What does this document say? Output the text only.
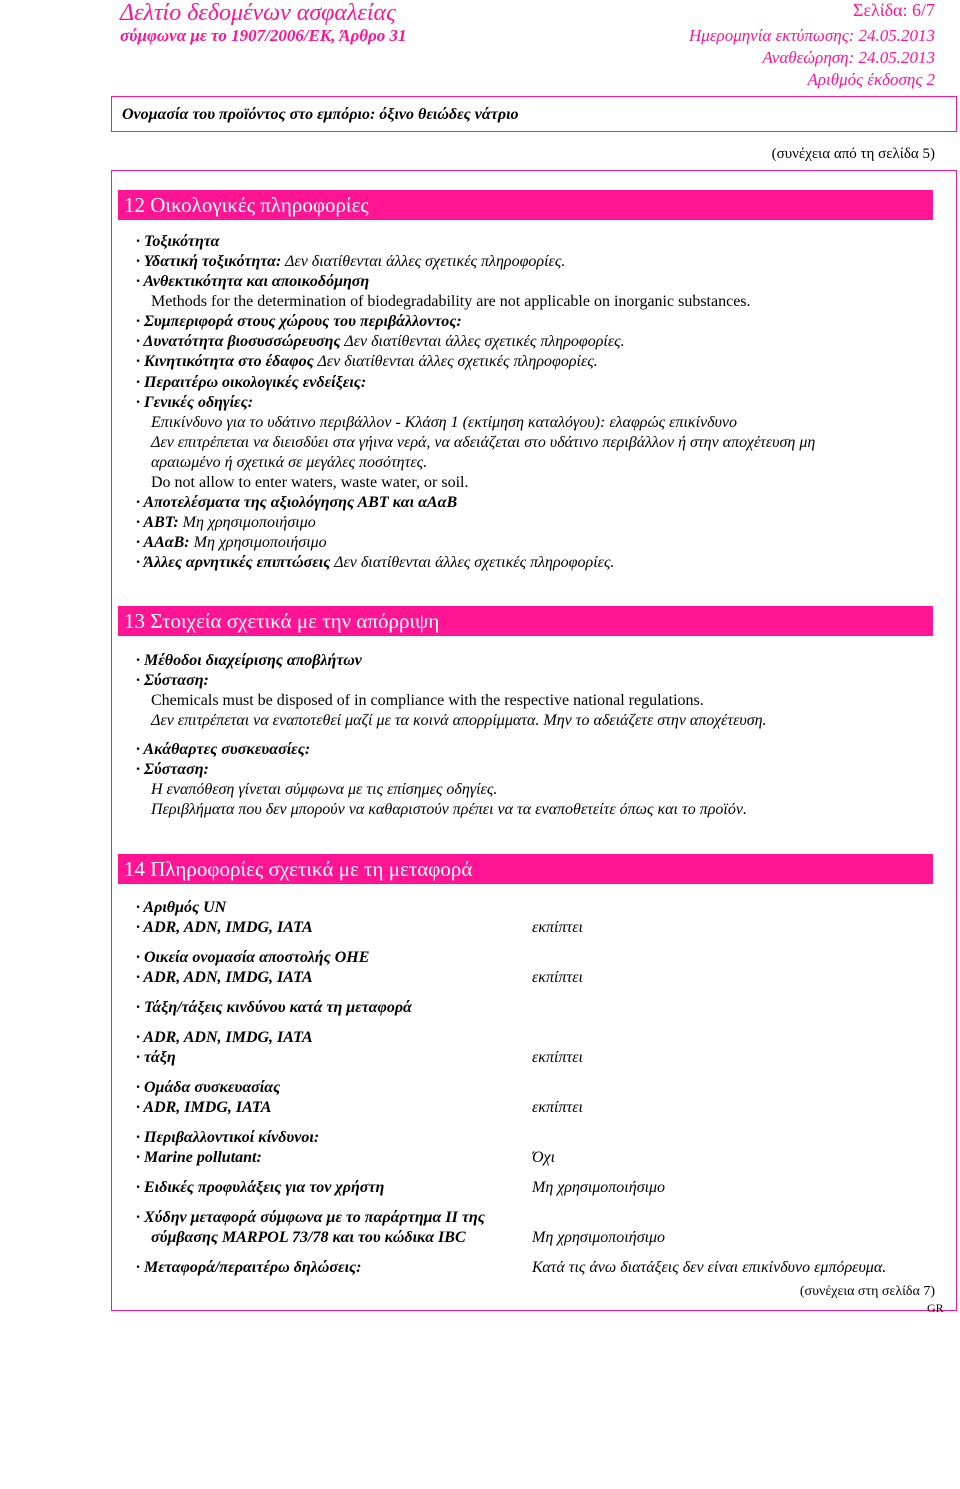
Δελτίο δεδομένων ασφαλείας
σύμφωνα με το 1907/2006/ΕΚ, Άρθρο 31
Σελίδα: 6/7
Ημερομηνία εκτύπωσης: 24.05.2013
Αναθεώρηση: 24.05.2013
Αριθμός έκδοσης 2
Ονομασία του προϊόντος στο εμπόριο: όξινο θειώδες νάτριο
(συνέχεια από τη σελίδα 5)
12 Οικολογικές πληροφορίες
· Τοξικότητα
· Υδατική τοξικότητα: Δεν διατίθενται άλλες σχετικές πληροφορίες.
· Ανθεκτικότητα και αποικοδόμηση
Methods for the determination of biodegradability are not applicable on inorganic substances.
· Συμπεριφορά στους χώρους του περιβάλλοντος:
· Δυνατότητα βιοσυσσώρευσης Δεν διατίθενται άλλες σχετικές πληροφορίες.
· Κινητικότητα στο έδαφος Δεν διατίθενται άλλες σχετικές πληροφορίες.
· Περαιτέρω οικολογικές ενδείξεις:
· Γενικές οδηγίες:
Επικίνδυνο για το υδάτινο περιβάλλον - Κλάση 1 (εκτίμηση καταλόγου): ελαφρώς επικίνδυνο
Δεν επιτρέπεται να διεισδύει στα γήινα νερά, να αδειάζεται στο υδάτινο περιβάλλον ή στην αποχέτευση μη
αραιωμένο ή σχετικά σε μεγάλες ποσότητες.
Do not allow to enter waters, waste water, or soil.
· Αποτελέσματα της αξιολόγησης ΑΒΤ και αΑαΒ
· ΑΒΤ: Μη χρησιμοποιήσιμο
· ΑΑαΒ: Μη χρησιμοποιήσιμο
· Άλλες αρνητικές επιπτώσεις Δεν διατίθενται άλλες σχετικές πληροφορίες.
13 Στοιχεία σχετικά με την απόρριψη
· Μέθοδοι διαχείρισης αποβλήτων
· Σύσταση:
Chemicals must be disposed of in compliance with the respective national regulations.
Δεν επιτρέπεται να εναποτεθεί μαζί με τα κοινά απορρίμματα. Μην το αδειάζετε στην αποχέτευση.
· Ακάθαρτες συσκευασίες:
· Σύσταση:
Η εναπόθεση γίνεται σύμφωνα με τις επίσημες οδηγίες.
Περιβλήματα που δεν μπορούν να καθαριστούν πρέπει να τα εναποθετείτε όπως και το προϊόν.
14 Πληροφορίες σχετικά με τη μεταφορά
· Αριθμός UN
· ADR, ADN, IMDG, IATA	εκπίπτει
· Οικεία ονομασία αποστολής ΟΗΕ
· ADR, ADN, IMDG, IATA	εκπίπτει
· Τάξη/τάξεις κινδύνου κατά τη μεταφορά
· ADR, ADN, IMDG, IATA
· τάξη	εκπίπτει
· Ομάδα συσκευασίας
· ADR, IMDG, IATA	εκπίπτει
· Περιβαλλοντικοί κίνδυνοι:
· Marine pollutant:	Όχι
· Ειδικές προφυλάξεις για τον χρήστη	Μη χρησιμοποιήσιμο
· Χύδην μεταφορά σύμφωνα με το παράρτημα II της
σύμβασης MARPOL 73/78 και του κώδικα IBC	Μη χρησιμοποιήσιμο
· Μεταφορά/περαιτέρω δηλώσεις:	Κατά τις άνω διατάξεις δεν είναι επικίνδυνο εμπόρευμα.
(συνέχεια στη σελίδα 7)
GR
